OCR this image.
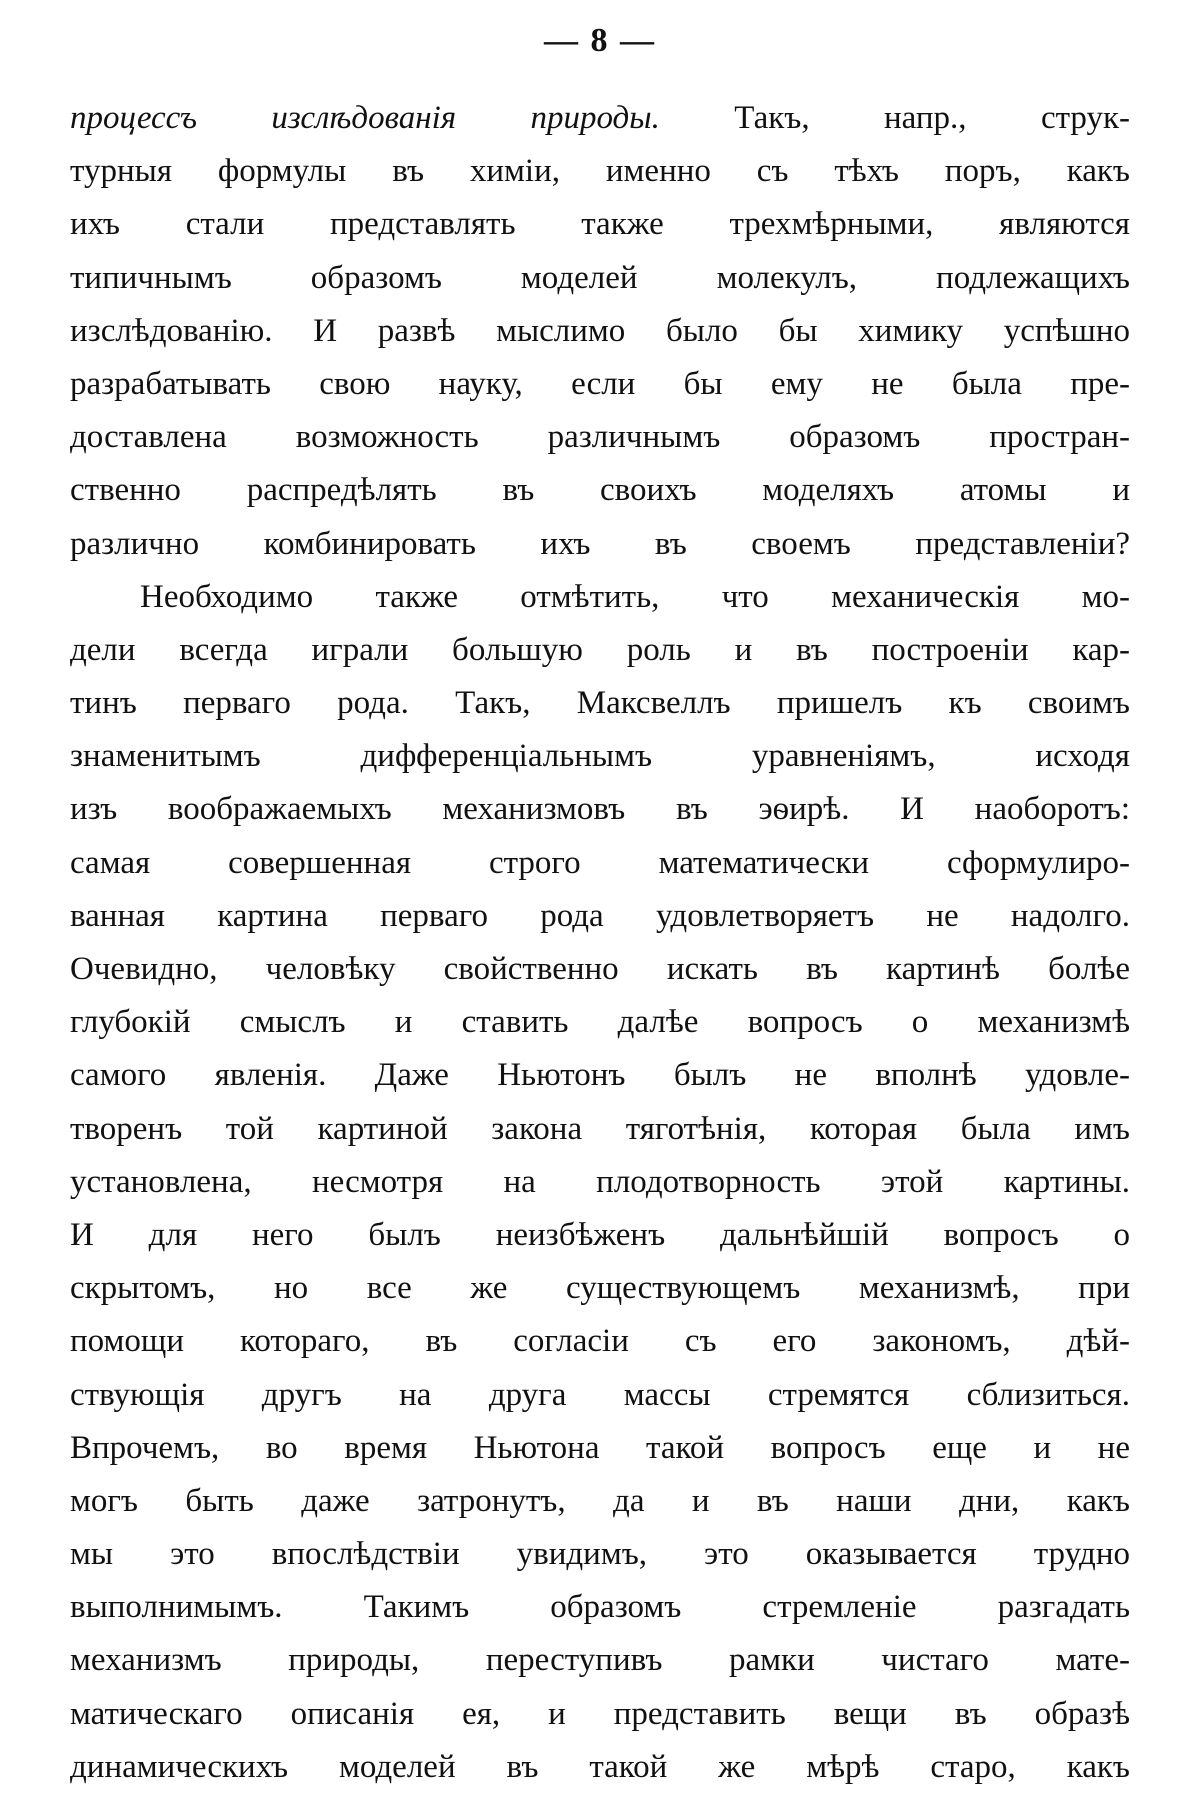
— 8 —
процессъ изслѣдованія природы. Такъ, напр., струк-
турныя формулы въ химіи, именно съ тѣхъ поръ, какъ
ихъ стали представлять также трехмѣрными, являются
типичнымъ образомъ моделей молекулъ, подлежащихъ
изслѣдованію. И развѣ мыслимо было бы химику успѣшно
разрабатывать свою науку, если бы ему не была пре-
доставлена возможность различнымъ образомъ простран-
ственно распредѣлять въ своихъ моделяхъ атомы и
различно комбинировать ихъ въ своемъ представленіи?
Необходимо также отмѣтить, что механическія мо-
дели всегда играли большую роль и въ построеніи кар-
тинъ перваго рода. Такъ, Максвеллъ пришелъ къ своимъ
знаменитымъ дифференціальнымъ уравненіямъ, исходя
изъ воображаемыхъ механизмовъ въ эѳирѣ. И наоборотъ:
самая совершенная строго математически сформулиро-
ванная картина перваго рода удовлетворяетъ не надолго.
Очевидно, человѣку свойственно искать въ картинѣ болѣе
глубокій смыслъ и ставить далѣе вопросъ о механизмѣ
самого явленія. Даже Ньютонъ былъ не вполнѣ удовле-
творенъ той картиной закона тяготѣнія, которая была имъ
установлена, несмотря на плодотворность этой картины.
И для него былъ неизбѣженъ дальнѣйшій вопросъ о
скрытомъ, но все же существующемъ механизмѣ, при
помощи котораго, въ согласіи съ его закономъ, дѣй-
ствующія другъ на друга массы стремятся сблизиться.
Впрочемъ, во время Ньютона такой вопросъ еще и не
могъ быть даже затронутъ, да и въ наши дни, какъ
мы это впослѣдствіи увидимъ, это оказывается трудно
выполнимымъ. Такимъ образомъ стремленіе разгадать
механизмъ природы, переступивъ рамки чистаго мате-
матическаго описанія ея, и представить вещи въ образѣ
динамическихъ моделей въ такой же мѣрѣ старо, какъ
